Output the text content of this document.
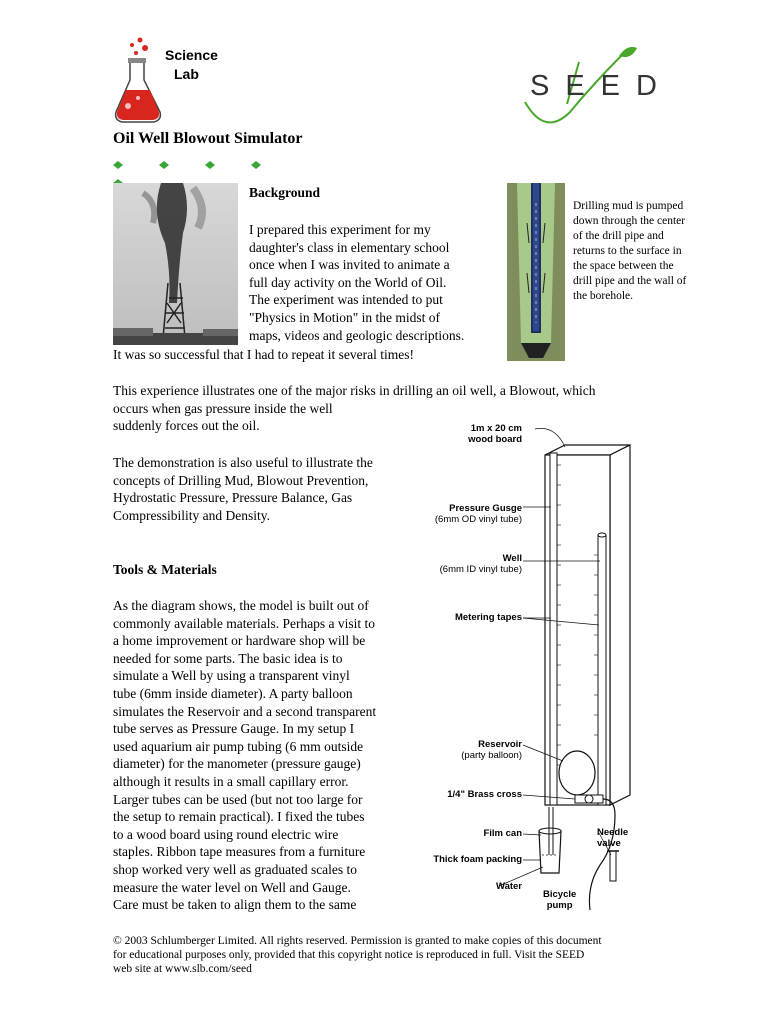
Science
Lab	SEED
Oil Well Blowout Simulator
Background

I prepared this experiment for my

daughter's class in elementary school

once when I was invited to animate a

full day activity on the World of Oil.

The experiment was intended to put

"Physics in Motion" in the midst of

maps, videos and geologic descriptions.

It was so successful that I had to repeat it several times!
Drilling mud is pumped
down through the center
of the drill pipe and
returns to the surface in
the space between the
drill pipe and the wall of
the borehole.

This experience illustrates one of the major risks in drilling an oil well, a Blowout, which

occurs when gas pressure inside the well

suddenly forces out the oil.

The demonstration is also useful to illustrate the

concepts of Drilling Mud, Blowout Prevention,

Hydrostatic Pressure, Pressure Balance, Gas

Compressibility and Density.

Tools & Materials

As the diagram shows, the model is built out of

commonly available materials. Perhaps a visit to

a home improvement or hardware shop will be

needed for some parts. The basic idea is to

simulate a Well by using a transparent vinyl

tube (6mm inside diameter). A party balloon

simulates the Reservoir and a second transparent

tube serves as Pressure Gauge. In my setup I

used aquarium air pump tubing (6 mm outside

diameter) for the manometer (pressure gauge)

although it results in a small capillary error.

Larger tubes can be used (but not too large for

the setup to remain practical). I fixed the tubes

to a wood board using round electric wire

staples. Ribbon tape measures from a furniture

shop worked very well as graduated scales to

measure the water level on Well and Gauge.

Care must be taken to align them to the same

1m x 20 cm
wood board
Pressure Gusge
(6mm OD vinyl tube)
Well
(6mm ID vinyl tube)
Metering tapes
Reservoir
(party balloon)
1/4" Brass cross
Film can
Thick foam packing
Water
Needle
valve
Bicycle
pump
© 2003 Schlumberger Limited. All rights reserved. Permission is granted to make copies of this document
for educational purposes only, provided that this copyright notice is reproduced in full. Visit the SEED
web site at www.slb.com/seed
